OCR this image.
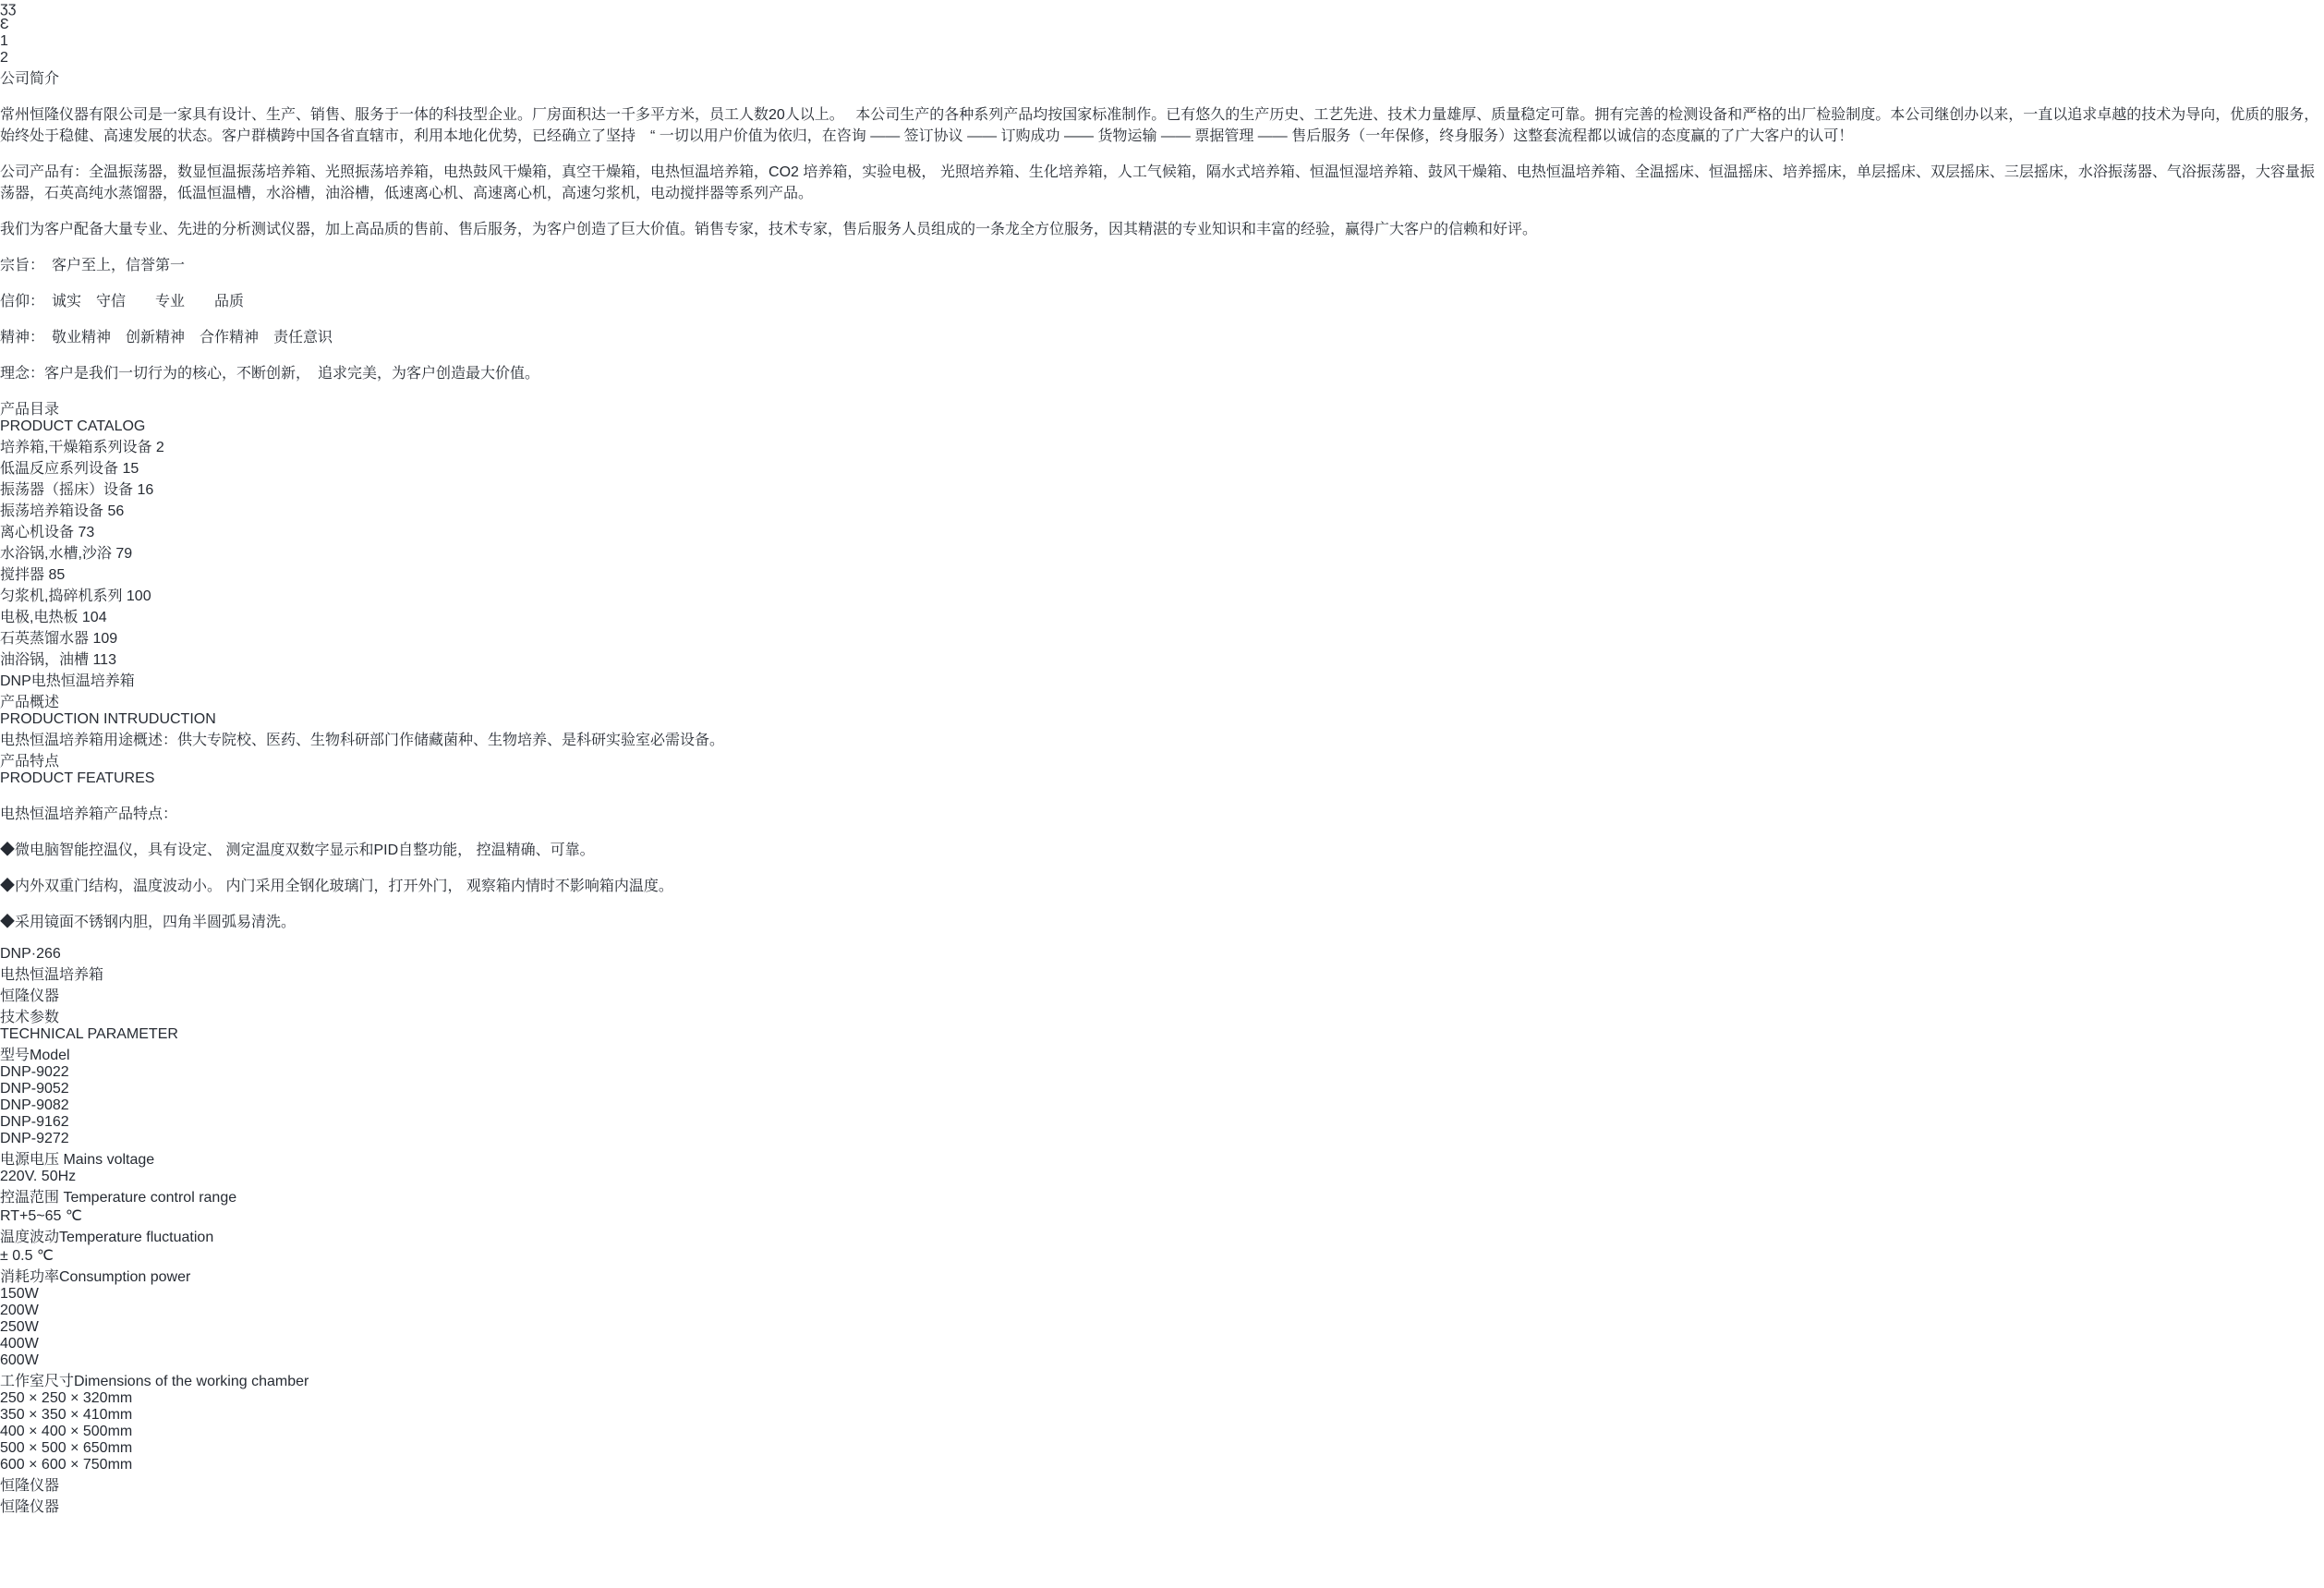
ʒʒ
Ɛ
1
2
公司简介

常州恒隆仪器有限公司是一家具有设计、生产、销售、服务于一体的科技型企业。厂房面积达一千多平方米，员工人数20人以上。　 本公司生产的各种系列产品均按国家标准制作。已有悠久的生产历史、工艺先进、技术力量雄厚、质量稳定可靠。拥有完善的检测设备和严格的出厂检验制度。本公司继创办以来，一直以追求卓越的技术为导向，优质的服务，始终处于稳健、高速发展的状态。客户群横跨中国各省直辖市，利用本地化优势，已经确立了坚持　“ 一切以用户价值为依归，在咨询 —— 签订协议 —— 订购成功 —— 货物运输 —— 票据管理 —— 售后服务（一年保修，终身服务）这整套流程都以诚信的态度赢的了广大客户的认可！

公司产品有：全温振荡器，数显恒温振荡培养箱、光照振荡培养箱，电热鼓风干燥箱，真空干燥箱，电热恒温培养箱，CO2 培养箱，实验电极， 光照培养箱、生化培养箱，人工气候箱，隔水式培养箱、恒温恒湿培养箱、鼓风干燥箱、电热恒温培养箱、全温摇床、恒温摇床、培养摇床，单层摇床、双层摇床、三层摇床，水浴振荡器、气浴振荡器，大容量振荡器，石英高纯水蒸馏器，低温恒温槽，水浴槽，油浴槽，低速离心机、高速离心机，高速匀浆机，电动搅拌器等系列产品。

我们为客户配备大量专业、先进的分析测试仪器，加上高品质的售前、售后服务，为客户创造了巨大价值。销售专家，技术专家，售后服务人员组成的一条龙全方位服务，因其精湛的专业知识和丰富的经验，赢得广大客户的信赖和好评。

宗旨：　客户至上，信誉第一

信仰：　诚实　守信　　专业　　品质

精神：　敬业精神　创新精神　合作精神　责任意识

理念：客户是我们一切行为的核心，不断创新，　追求完美，为客户创造最大价值。

产品目录
PRODUCT CATALOG
培养箱,干燥箱系列设备 2
低温反应系列设备 15
振荡器（摇床）设备 16
振荡培养箱设备 56
离心机设备 73
水浴锅,水槽,沙浴 79
搅拌器 85
匀浆机,捣碎机系列 100
电极,电热板 104
石英蒸馏水器 109
油浴锅，油槽 113
DNP电热恒温培养箱
产品概述
PRODUCTION INTRUDUCTION
电热恒温培养箱用途概述：供大专院校、医药、生物科研部门作储藏菌种、生物培养、是科研实验室必需设备。
产品特点
PRODUCT FEATURES

电热恒温培养箱产品特点：

◆微电脑智能控温仪，具有设定、 测定温度双数字显示和PID自整功能， 控温精确、可靠。

◆内外双重门结构，温度波动小。 内门采用全钢化玻璃门，打开外门， 观察箱内情时不影响箱内温度。

◆采用镜面不锈钢内胆，四角半圆弧易清洗。

DNP·266
电热恒温培养箱
恒隆仪器
技术参数
TECHNICAL PARAMETER
型号Model
DNP-9022
DNP-9052
DNP-9082
DNP-9162
DNP-9272
电源电压 Mains voltage
220V. 50Hz
控温范围 Temperature control range
RT+5~65 ℃
温度波动Temperature fluctuation
± 0.5 ℃
消耗功率Consumption power
150W
200W
250W
400W
600W
工作室尺寸Dimensions of the working chamber
250 × 250 × 320mm
350 × 350 × 410mm
400 × 400 × 500mm
500 × 500 × 650mm
600 × 600 × 750mm
恒隆仪器
恒隆仪器
